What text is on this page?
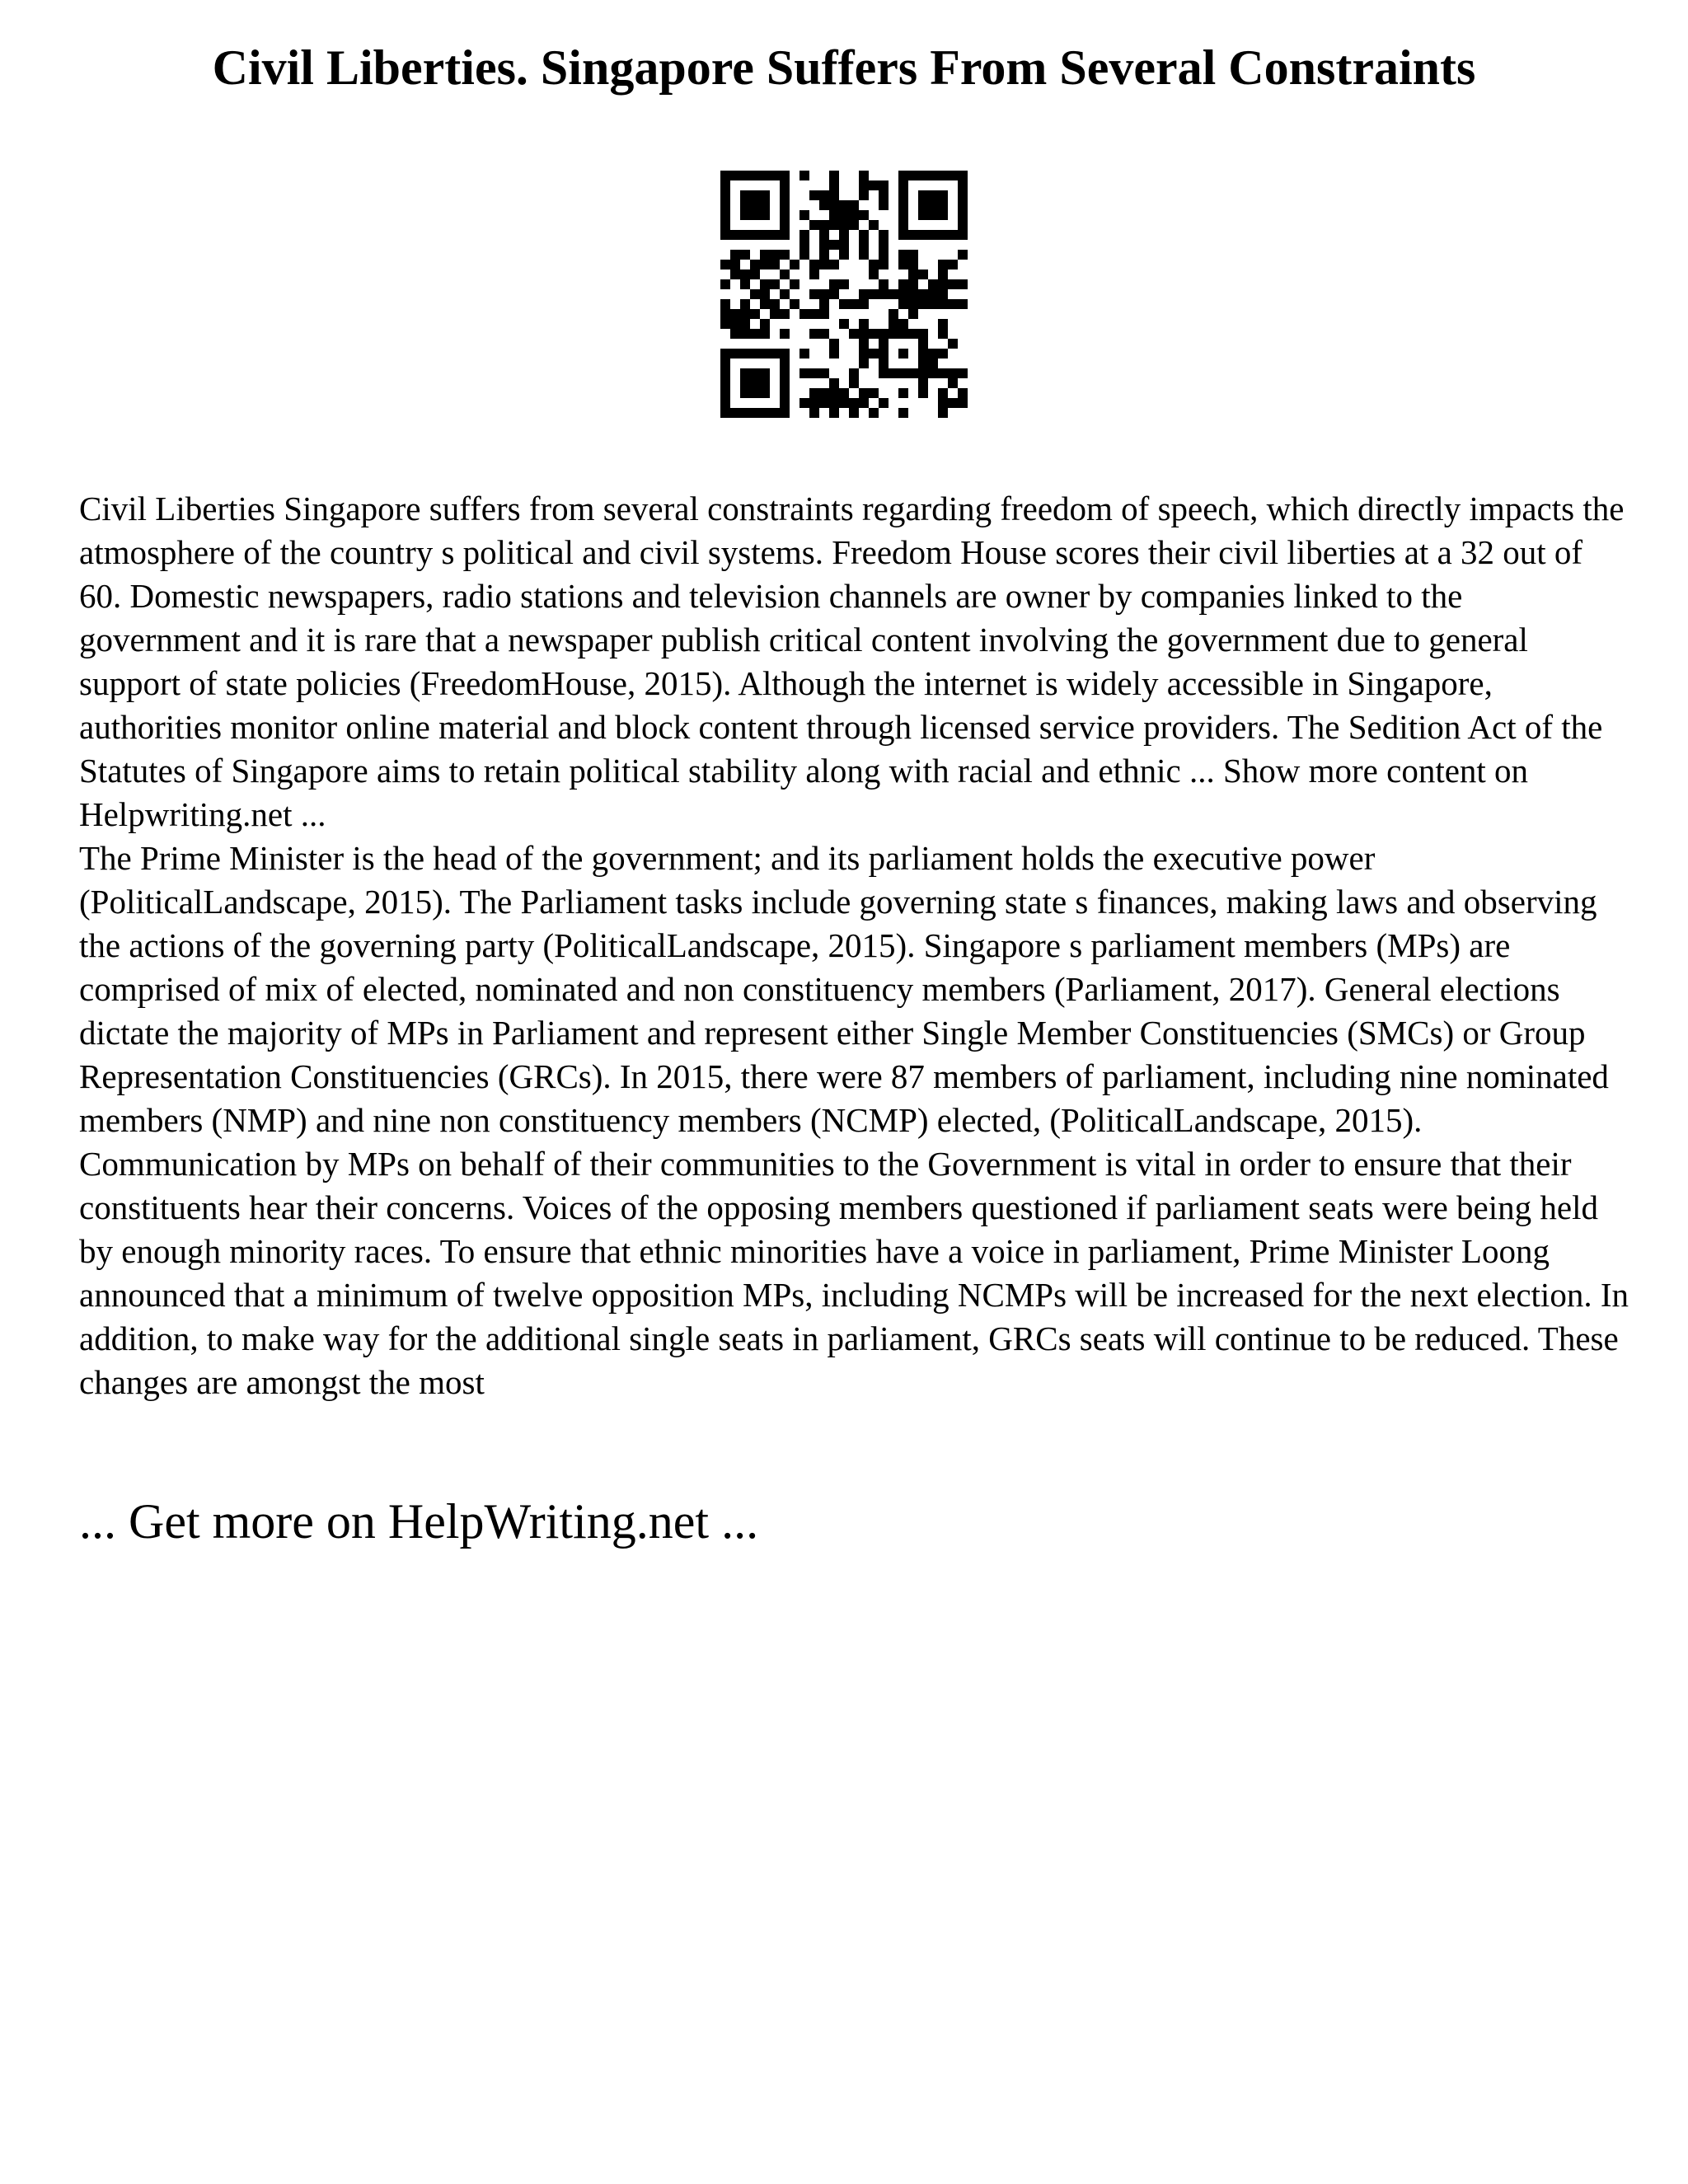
Civil Liberties. Singapore Suffers From Several Constraints

Civil Liberties Singapore suffers from several constraints regarding freedom of speech, which directly impacts the atmosphere of the country s political and civil systems. Freedom House scores their civil liberties at a 32 out of 60. Domestic newspapers, radio stations and television channels are owner by companies linked to the government and it is rare that a newspaper publish critical content involving the government due to general support of state policies (FreedomHouse, 2015). Although the internet is widely accessible in Singapore, authorities monitor online material and block content through licensed service providers. The Sedition Act of the Statutes of Singapore aims to retain political stability along with racial and ethnic ... Show more content on Helpwriting.net ...

The Prime Minister is the head of the government; and its parliament holds the executive power (PoliticalLandscape, 2015). The Parliament tasks include governing state s finances, making laws and observing the actions of the governing party (PoliticalLandscape, 2015). Singapore s parliament members (MPs) are comprised of mix of elected, nominated and non constituency members (Parliament, 2017). General elections dictate the majority of MPs in Parliament and represent either Single Member Constituencies (SMCs) or Group Representation Constituencies (GRCs). In 2015, there were 87 members of parliament, including nine nominated members (NMP) and nine non constituency members (NCMP) elected, (PoliticalLandscape, 2015). Communication by MPs on behalf of their communities to the Government is vital in order to ensure that their constituents hear their concerns. Voices of the opposing members questioned if parliament seats were being held by enough minority races. To ensure that ethnic minorities have a voice in parliament, Prime Minister Loong announced that a minimum of twelve opposition MPs, including NCMPs will be increased for the next election. In addition, to make way for the additional single seats in parliament, GRCs seats will continue to be reduced. These changes are amongst the most

... Get more on HelpWriting.net ...
